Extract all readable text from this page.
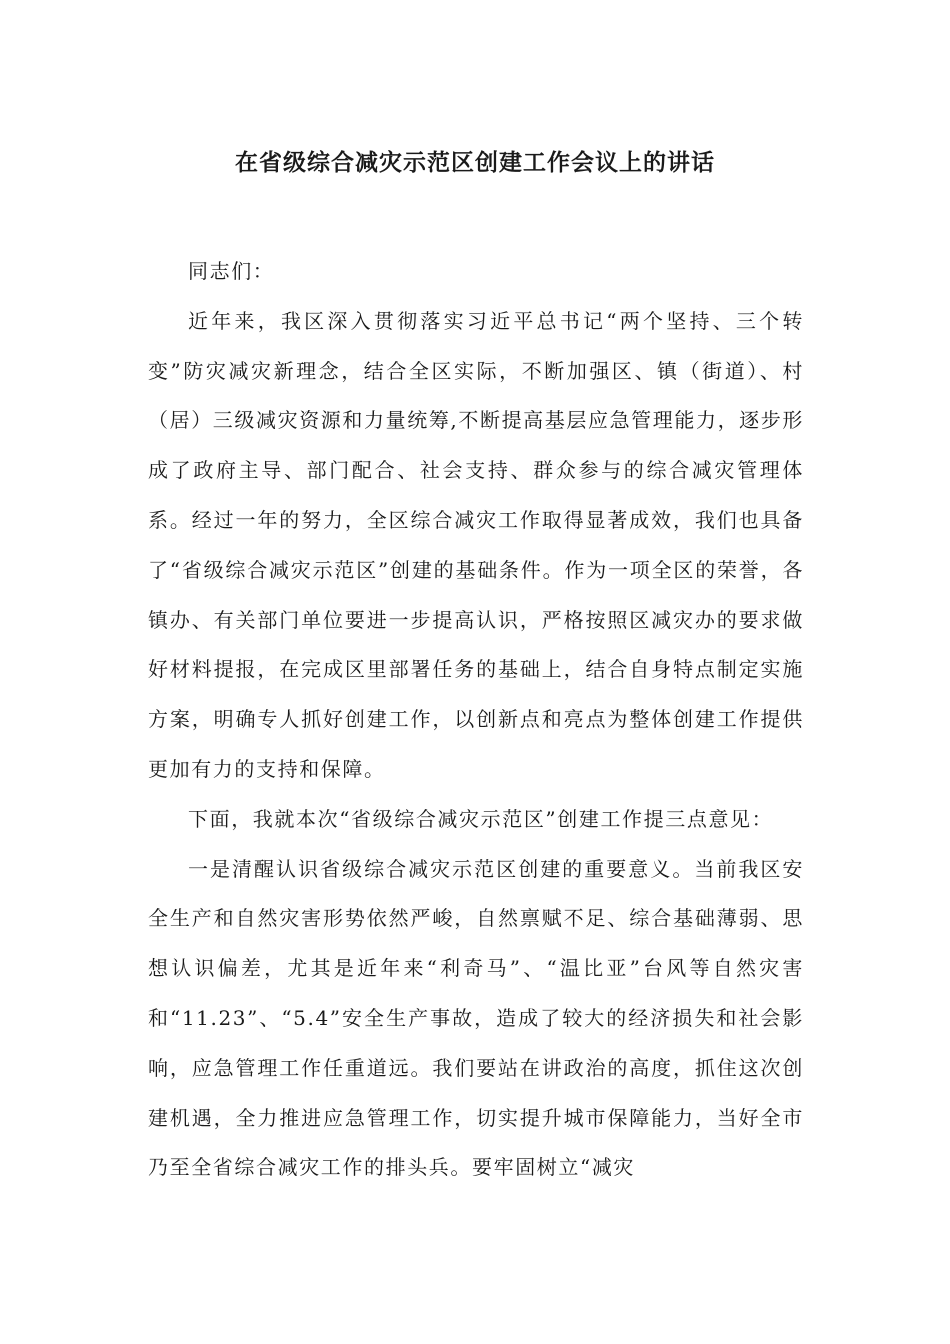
在省级综合减灾示范区创建工作会议上的讲话

同志们：

近年来，我区深入贯彻落实习近平总书记“两个坚持、三个转变”防灾减灾新理念，结合全区实际，不断加强区、镇（街道）、村（居）三级减灾资源和力量统筹,不断提高基层应急管理能力，逐步形成了政府主导、部门配合、社会支持、群众参与的综合减灾管理体系。经过一年的努力，全区综合减灾工作取得显著成效，我们也具备了“省级综合减灾示范区”创建的基础条件。作为一项全区的荣誉，各镇办、有关部门单位要进一步提高认识，严格按照区减灾办的要求做好材料提报，在完成区里部署任务的基础上，结合自身特点制定实施方案，明确专人抓好创建工作，以创新点和亮点为整体创建工作提供更加有力的支持和保障。

下面，我就本次“省级综合减灾示范区”创建工作提三点意见：

一是清醒认识省级综合减灾示范区创建的重要意义。当前我区安全生产和自然灾害形势依然严峻，自然禀赋不足、综合基础薄弱、思想认识偏差，尤其是近年来“利奇马”、“温比亚”台风等自然灾害和“11.23”、“5.4”安全生产事故，造成了较大的经济损失和社会影响，应急管理工作任重道远。我们要站在讲政治的高度，抓住这次创建机遇，全力推进应急管理工作，切实提升城市保障能力，当好全市乃至全省综合减灾工作的排头兵。要牢固树立“减灾
